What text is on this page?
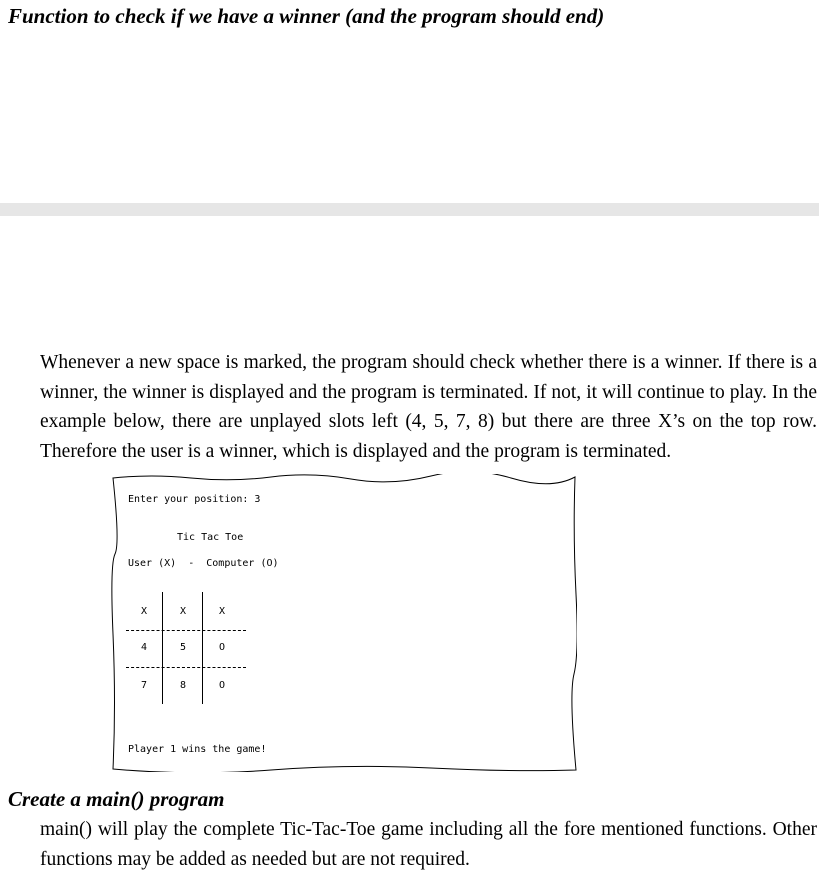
Function to check if we have a winner (and the program should end)

Whenever a new space is marked, the program should check whether there is a winner. If there is a winner, the winner is displayed and the program is terminated. If not, it will continue to play. In the example below, there are unplayed slots left (4, 5, 7, 8) but there are three X’s on the top row. Therefore the user is a winner, which is displayed and the program is terminated.

Enter your position: 3
Tic Tac Toe
User (X)  -  Computer (O)
X	X	X
4	5	O
7	8	O
Player 1 wins the game!
Create a main() program

main() will play the complete Tic-Tac-Toe game including all the fore mentioned functions. Other functions may be added as needed but are not required.
